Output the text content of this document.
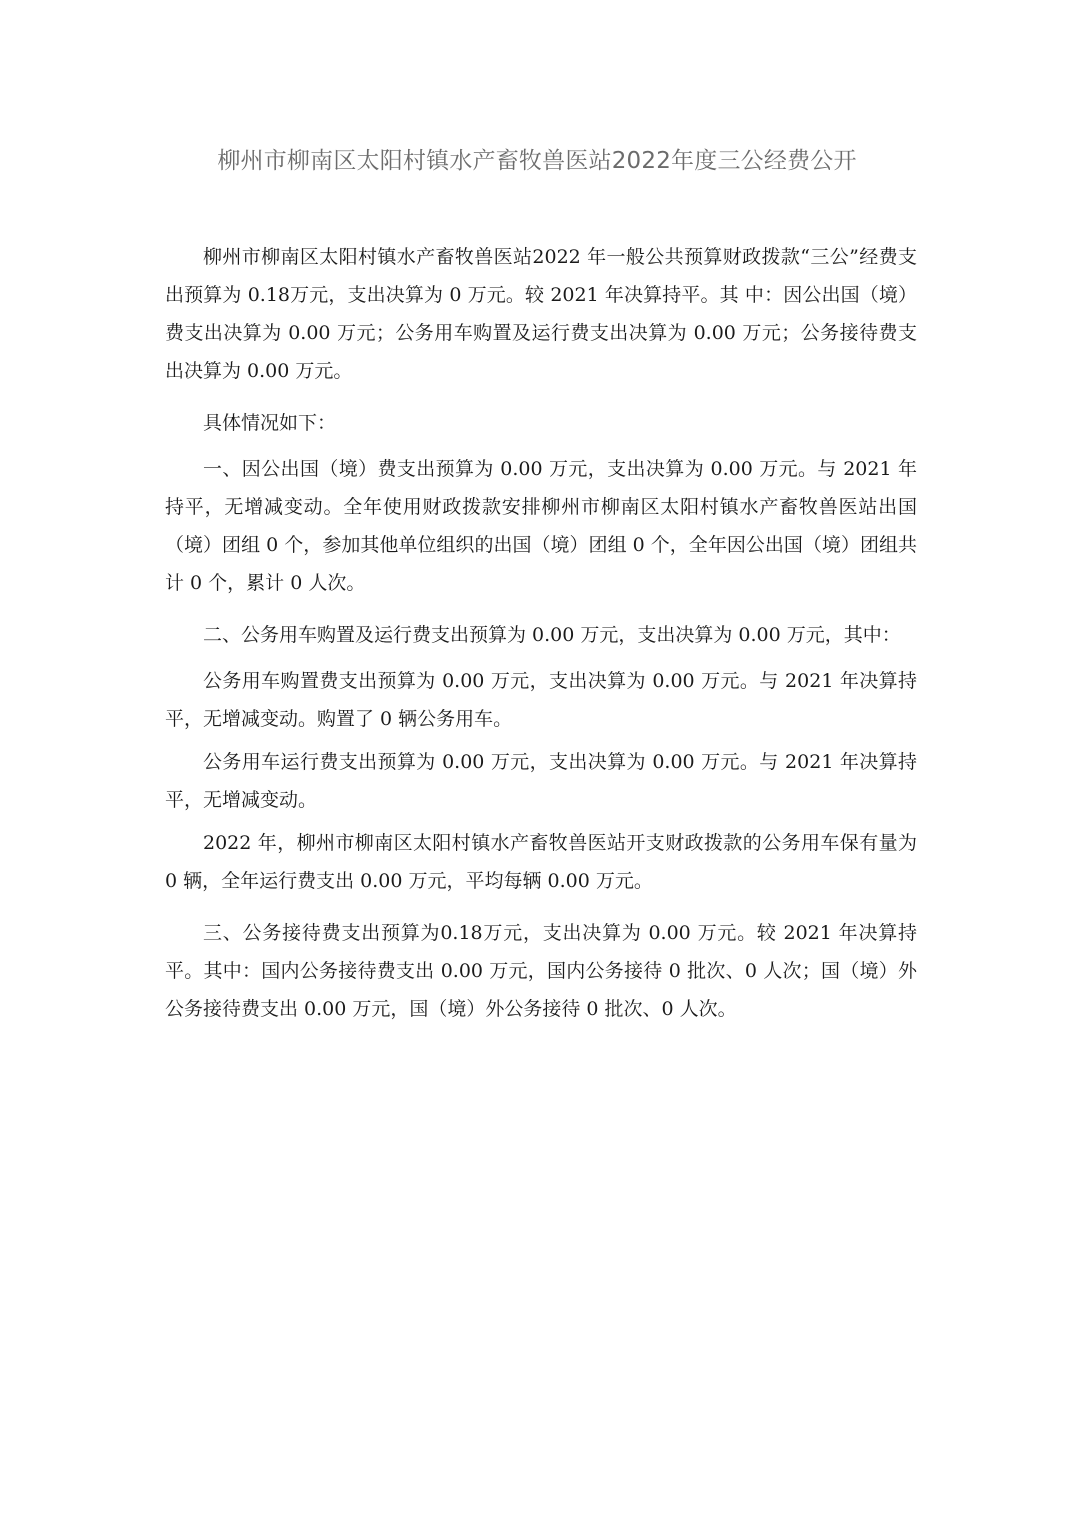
柳州市柳南区太阳村镇水产畜牧兽医站2022年度三公经费公开

柳州市柳南区太阳村镇水产畜牧兽医站2022 年一般公共预算财政拨款“三公”经费支出预算为 0.18万元，支出决算为 0 万元。较 2021 年决算持平。其 中：因公出国（境）费支出决算为 0.00 万元；公务用车购置及运行费支出决算为 0.00 万元；公务接待费支出决算为 0.00 万元。

具体情况如下：

一、因公出国（境）费支出预算为 0.00 万元，支出决算为 0.00 万元。与 2021 年持平，无增减变动。全年使用财政拨款安排柳州市柳南区太阳村镇水产畜牧兽医站出国（境）团组 0 个，参加其他单位组织的出国（境）团组 0 个，全年因公出国（境）团组共计 0 个，累计 0 人次。

二、公务用车购置及运行费支出预算为 0.00 万元，支出决算为 0.00 万元，其中：

公务用车购置费支出预算为 0.00 万元，支出决算为 0.00 万元。与 2021 年决算持平，无增减变动。购置了 0 辆公务用车。

公务用车运行费支出预算为 0.00 万元，支出决算为 0.00 万元。与 2021 年决算持平，无增减变动。

2022 年，柳州市柳南区太阳村镇水产畜牧兽医站开支财政拨款的公务用车保有量为 0 辆，全年运行费支出 0.00 万元，平均每辆 0.00 万元。

三、公务接待费支出预算为0.18万元，支出决算为 0.00 万元。较 2021 年决算持平。其中：国内公务接待费支出 0.00 万元，国内公务接待 0 批次、0 人次；国（境）外公务接待费支出 0.00 万元，国（境）外公务接待 0 批次、0 人次。
